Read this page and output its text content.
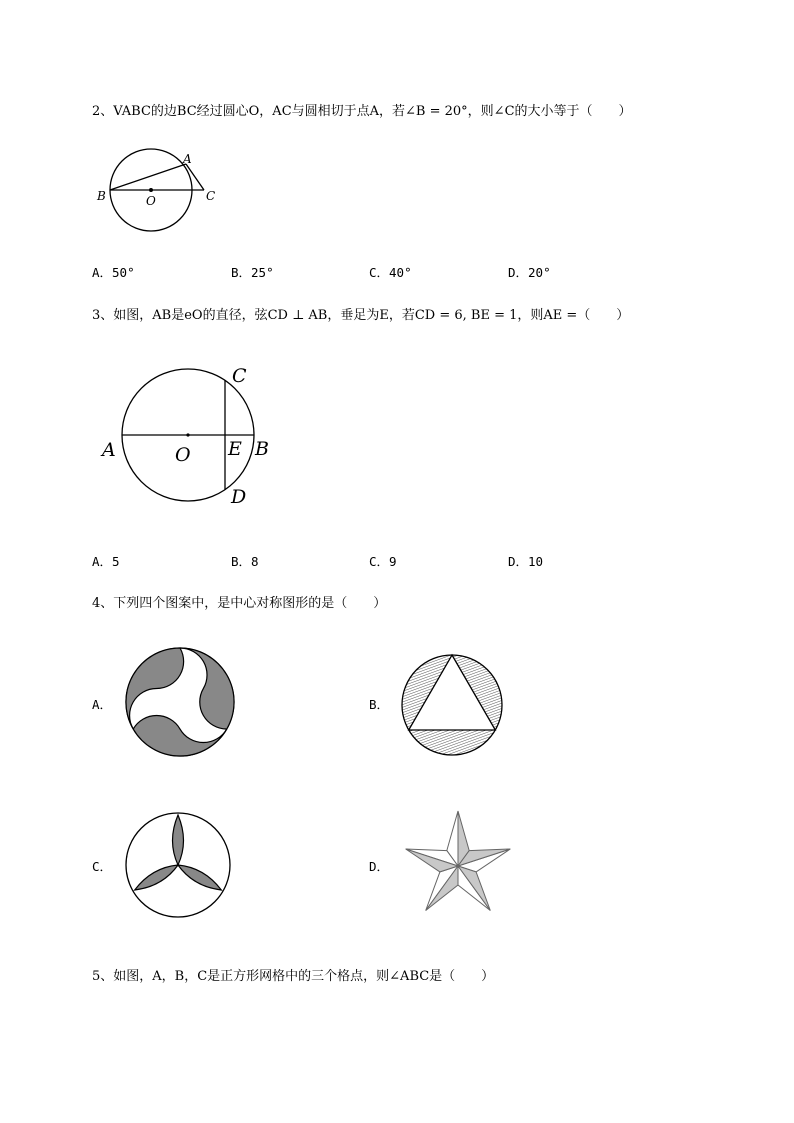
2、VABC的边BC经过圆心O，AC与圆相切于点A，若∠B = 20°，则∠C的大小等于（　　）
A
B	C
O
A．50°	B．25°	C．40°	D．20°
3、如图，AB是eO的直径，弦CD ⊥ AB，垂足为E，若CD = 6, BE = 1，则AE =（　　）
C
A	O E B
D
A．5	B．8	C．9	D．10
4、下列四个图案中，是中心对称图形的是（　　）
A．	B．
C．	D．
5、如图，A，B，C是正方形网格中的三个格点，则∠ABC是（　　）
